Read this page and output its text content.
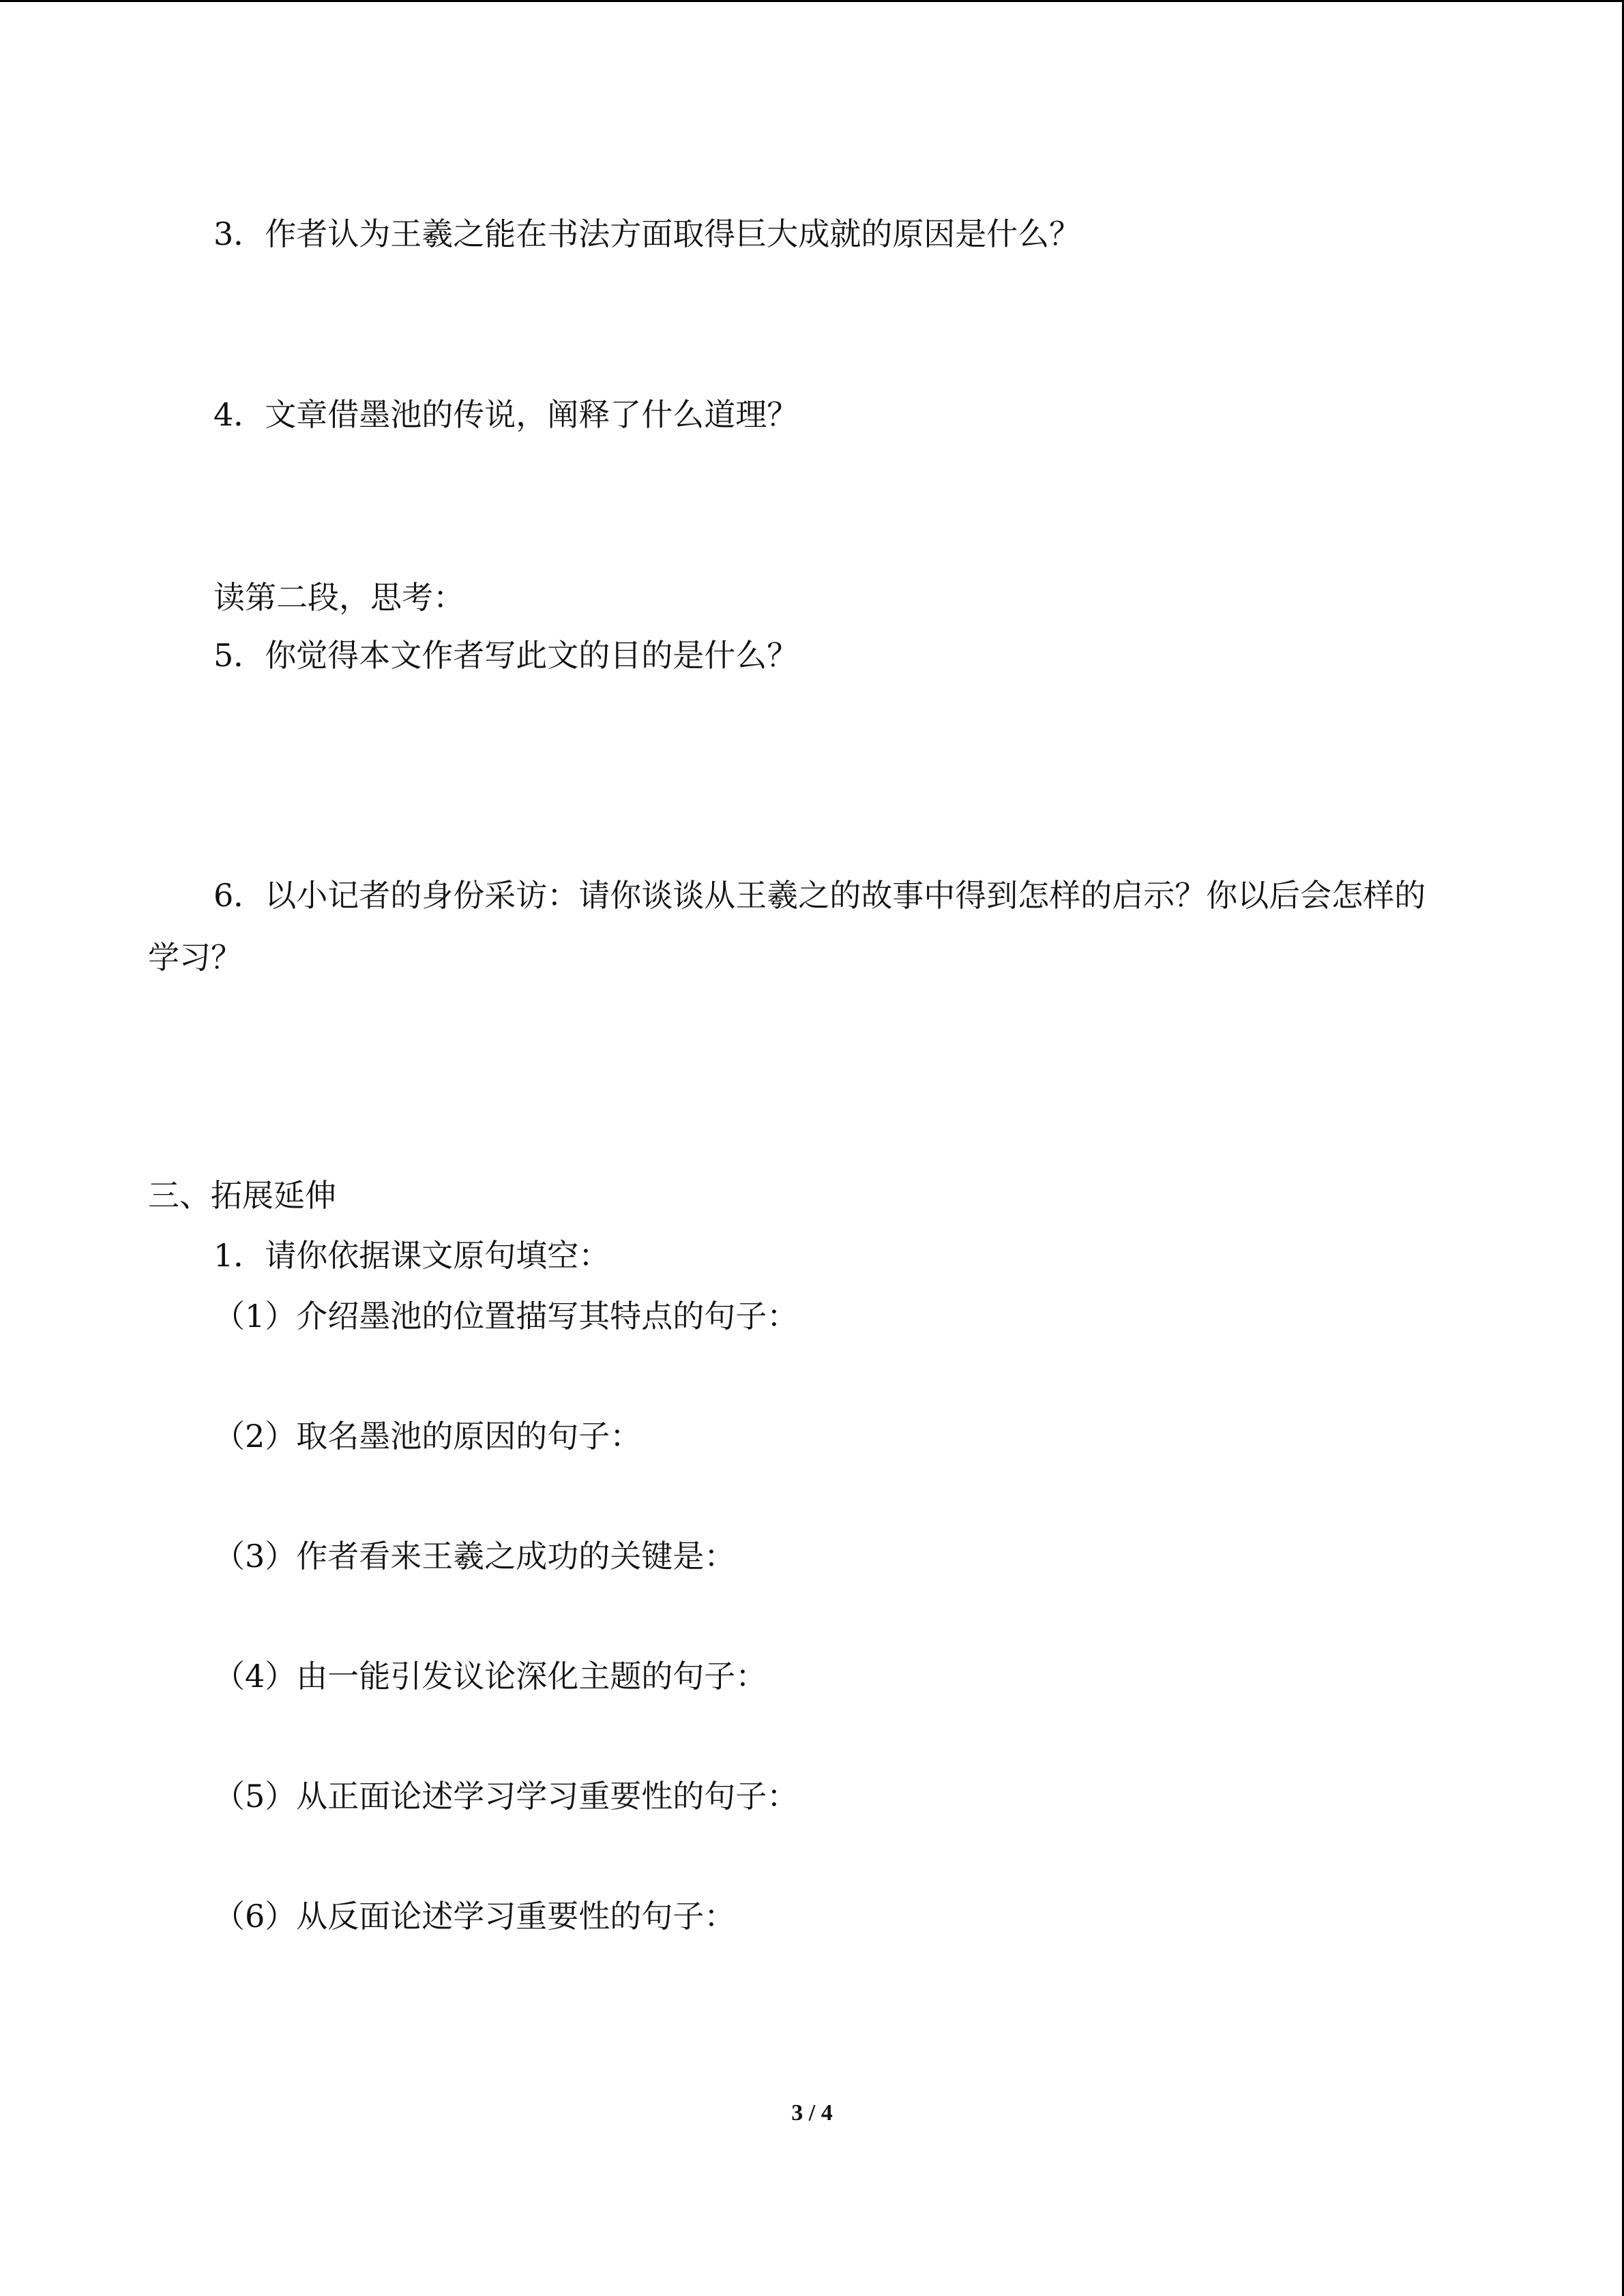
3．作者认为王羲之能在书法方面取得巨大成就的原因是什么？
4．文章借墨池的传说，阐释了什么道理？
读第二段，思考：
5．你觉得本文作者写此文的目的是什么？
6．以小记者的身份采访：请你谈谈从王羲之的故事中得到怎样的启示？你以后会怎样的
学习？
三、拓展延伸
1．请你依据课文原句填空：
（1）介绍墨池的位置描写其特点的句子：
（2）取名墨池的原因的句子：
（3）作者看来王羲之成功的关键是：
（4）由一能引发议论深化主题的句子：
（5）从正面论述学习学习重要性的句子：
（6）从反面论述学习重要性的句子：
3 / 4
